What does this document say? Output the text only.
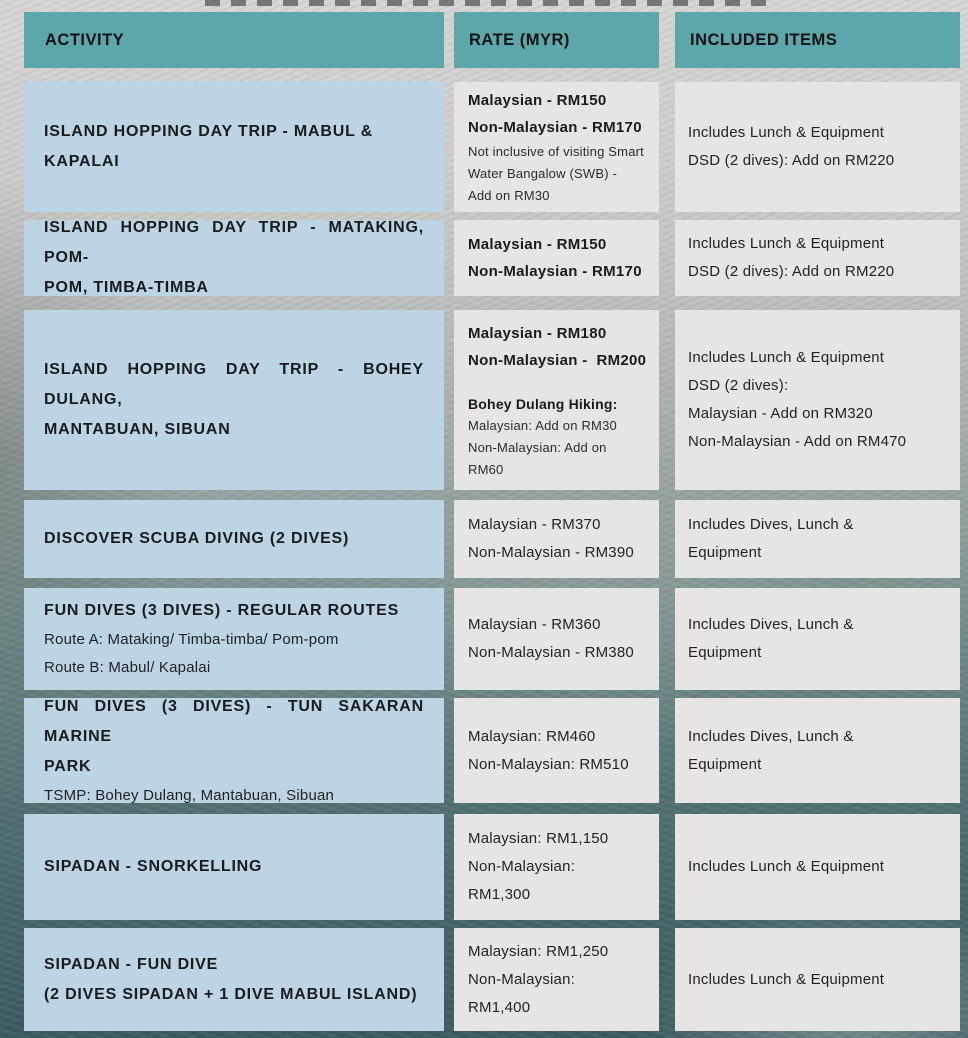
ACTIVITY	RATE (MYR)	INCLUDED ITEMS
ISLAND HOPPING DAY TRIP - MABUL &
KAPALAI
Malaysian - RM150
Non-Malaysian - RM170
Not inclusive of visiting Smart
Water Bangalow (SWB) -
Add on RM30
Includes Lunch & Equipment
DSD (2 dives): Add on RM220
ISLAND HOPPING DAY TRIP - MATAKING, POM-
POM, TIMBA-TIMBA
Malaysian - RM150
Non-Malaysian - RM170
Includes Lunch & Equipment
DSD (2 dives): Add on RM220
ISLAND HOPPING DAY TRIP - BOHEY DULANG,
MANTABUAN, SIBUAN
Malaysian - RM180
Non-Malaysian -  RM200
Bohey Dulang Hiking:
Malaysian: Add on RM30
Non-Malaysian: Add on
RM60
Includes Lunch & Equipment
DSD (2 dives):
Malaysian - Add on RM320
Non-Malaysian - Add on RM470
DISCOVER SCUBA DIVING (2 DIVES)
Malaysian - RM370
Non-Malaysian - RM390
Includes Dives, Lunch &
Equipment
FUN DIVES (3 DIVES) - REGULAR ROUTES
Route A: Mataking/ Timba-timba/ Pom-pom
Route B: Mabul/ Kapalai
Malaysian - RM360
Non-Malaysian - RM380
Includes Dives, Lunch &
Equipment
FUN DIVES (3 DIVES) - TUN SAKARAN MARINE
PARK
TSMP: Bohey Dulang, Mantabuan, Sibuan
Malaysian: RM460
Non-Malaysian: RM510
Includes Dives, Lunch &
Equipment
SIPADAN - SNORKELLING
Malaysian: RM1,150
Non-Malaysian:
RM1,300
Includes Lunch & Equipment
SIPADAN - FUN DIVE
(2 DIVES SIPADAN + 1 DIVE MABUL ISLAND)
Malaysian: RM1,250
Non-Malaysian:
RM1,400
Includes Lunch & Equipment
